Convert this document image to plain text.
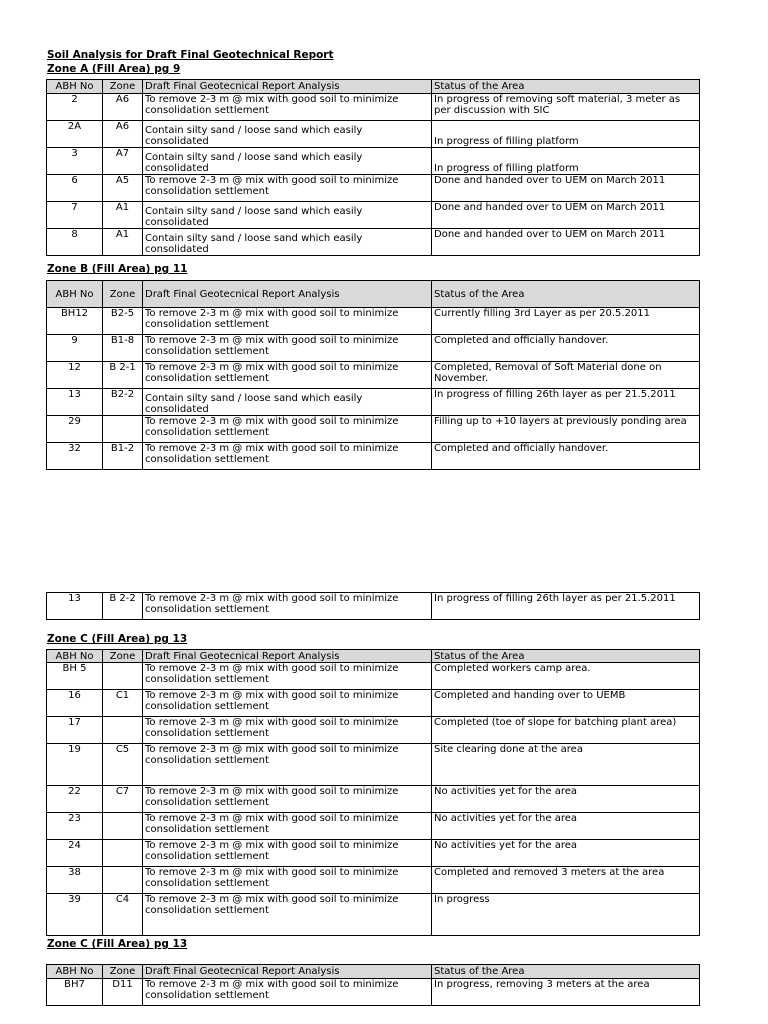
Soil Analysis for Draft Final Geotechnical Report
Zone A (Fill Area) pg 9
ABH No	Zone	Draft Final Geotecnical Report Analysis	Status of the Area
2	A6	To remove 2-3 m @ mix with good soil to minimize consolidation settlement	In progress of removing soft material, 3 meter as per discussion with SIC
2A	A6	Contain silty sand / loose sand which easily consolidated	In progress of filling platform
3	A7	Contain silty sand / loose sand which easily consolidated	In progress of filling platform
6	A5	To remove 2-3 m @ mix with good soil to minimize consolidation settlement	Done and handed over to UEM on March 2011
7	A1	Contain silty sand / loose sand which easily consolidated	Done and handed over to UEM on March 2011
8	A1	Contain silty sand / loose sand which easily consolidated	Done and handed over to UEM on March 2011
Zone B (Fill Area) pg 11
ABH No	Zone	Draft Final Geotecnical Report Analysis	Status of the Area
BH12	B2-5	To remove 2-3 m @ mix with good soil to minimize consolidation settlement	Currently filling 3rd Layer as per 20.5.2011
9	B1-8	To remove 2-3 m @ mix with good soil to minimize consolidation settlement	Completed and officially handover.
12	B 2-1	To remove 2-3 m @ mix with good soil to minimize consolidation settlement	Completed, Removal of Soft Material done on November.
13	B2-2	Contain silty sand / loose sand which easily consolidated	In progress of filling 26th layer as per 21.5.2011
29		To remove 2-3 m @ mix with good soil to minimize consolidation settlement	Filling up to +10 layers at previously ponding area
32	B1-2	To remove 2-3 m @ mix with good soil to minimize consolidation settlement	Completed and officially handover.
13	B 2-2	To remove 2-3 m @ mix with good soil to minimize consolidation settlement	In progress of filling 26th layer as per 21.5.2011
Zone C (Fill Area) pg 13
ABH No	Zone	Draft Final Geotecnical Report Analysis	Status of the Area
BH 5		To remove 2-3 m @ mix with good soil to minimize consolidation settlement	Completed workers camp area.
16	C1	To remove 2-3 m @ mix with good soil to minimize consolidation settlement	Completed and handing over to UEMB
17		To remove 2-3 m @ mix with good soil to minimize consolidation settlement	Completed (toe of slope for batching plant area)
19	C5	To remove 2-3 m @ mix with good soil to minimize consolidation settlement	Site clearing done at the area
22	C7	To remove 2-3 m @ mix with good soil to minimize consolidation settlement	No activities yet for the area
23		To remove 2-3 m @ mix with good soil to minimize consolidation settlement	No activities yet for the area
24		To remove 2-3 m @ mix with good soil to minimize consolidation settlement	No activities yet for the area
38		To remove 2-3 m @ mix with good soil to minimize consolidation settlement	Completed and removed 3 meters at the area
39	C4	To remove 2-3 m @ mix with good soil to minimize consolidation settlement	In progress
Zone C (Fill Area) pg 13
ABH No	Zone	Draft Final Geotecnical Report Analysis	Status of the Area
BH7	D11	To remove 2-3 m @ mix with good soil to minimize consolidation settlement	In progress, removing 3 meters at the area
